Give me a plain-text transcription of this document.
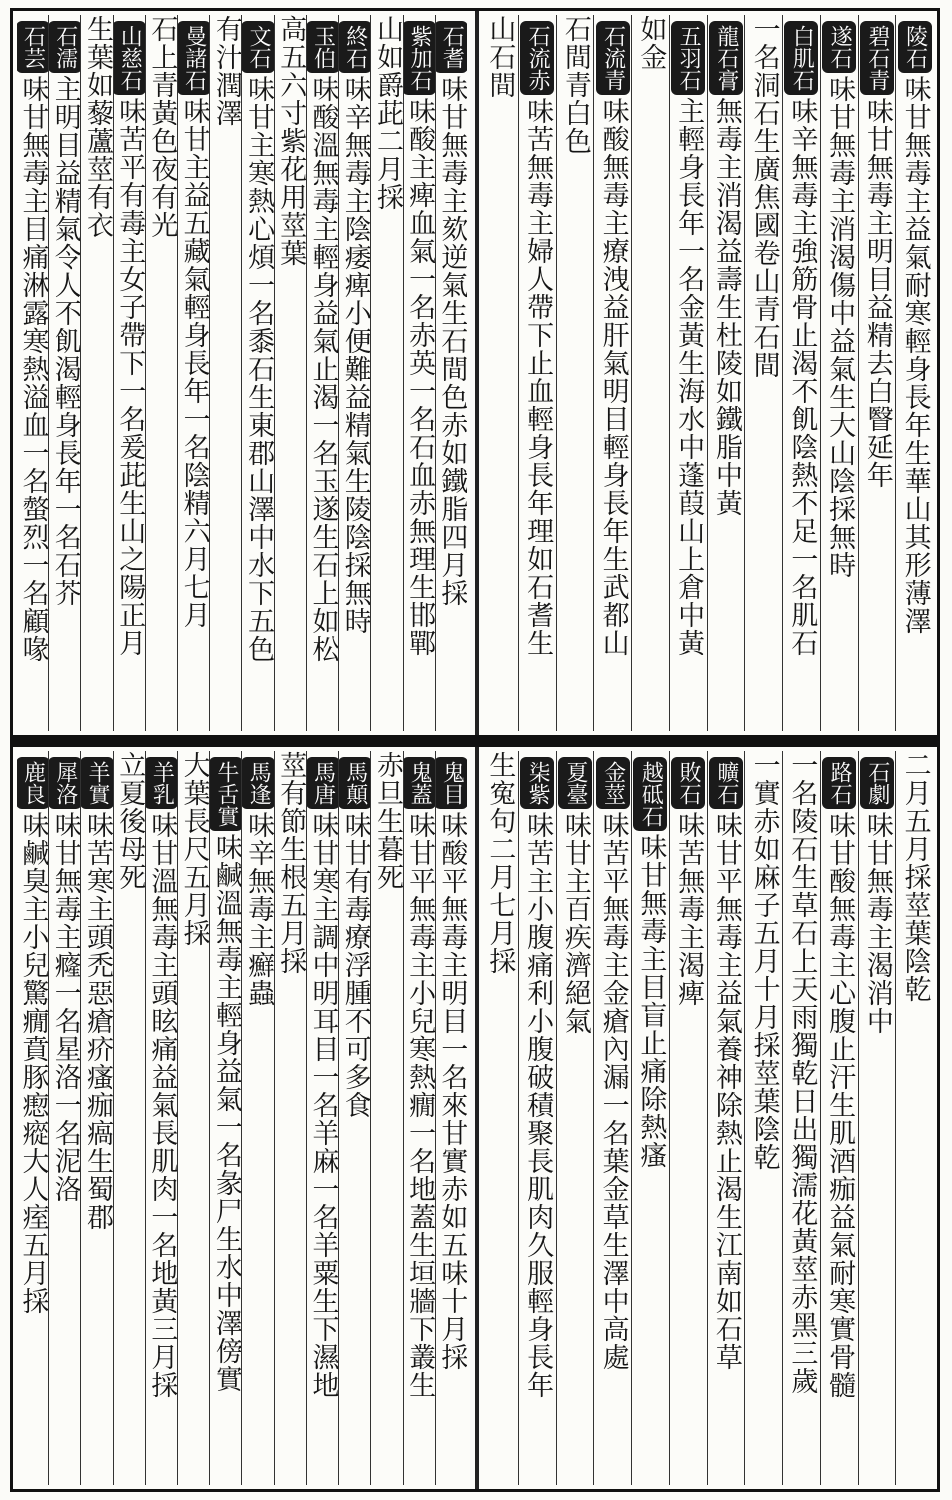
陵石
味甘無毒主益氣耐寒輕身長年生華山其形薄澤
碧石青
味甘無毒主明目益精去白瞖延年
遂石
味甘無毒主消渴傷中益氣生大山陰採無時
白肌石
味辛無毒主強筋骨止渴不飢陰熱不足一名肌石
一名洞石生廣焦國卷山青石間
龍石膏
無毒主消渴益壽生杜陵如鐵脂中黃
五羽石
主輕身長年一名金黃生海水中蓬葭山上倉中黃
如金
石流青
味酸無毒主療洩益肝氣明目輕身長年生武都山
石間青白色
石流赤
味苦無毒主婦人帶下止血輕身長年理如石耆生
山石間
石耆
味甘無毒主欬逆氣生石間色赤如鐵脂四月採
紫加石
味酸主痺血氣一名赤英一名石血赤無理生邯鄲
山如爵茈二月採
終石
味辛無毒主陰痿痺小便難益精氣生陵陰採無時
玉伯
味酸溫無毒主輕身益氣止渴一名玉遂生石上如松
高五六寸紫花用莖葉
文石
味甘主寒熱心煩一名黍石生東郡山澤中水下五色
有汁潤澤
曼諸石
味甘主益五藏氣輕身長年一名陰精六月七月
石上青黃色夜有光
山慈石
味苦平有毒主女子帶下一名爰茈生山之陽正月
生葉如藜蘆莖有衣
石濡
主明目益精氣令人不飢渴輕身長年一名石芥
石芸
味甘無毒主目痛淋露寒熱溢血一名螫烈一名顧喙
二月五月採莖葉陰乾
石劇
味甘無毒主渴消中
路石
味甘酸無毒主心腹止汗生肌酒痂益氣耐寒實骨髓
一名陵石生草石上天雨獨乾日出獨濡花黃莖赤黑三歲
一實赤如麻子五月十月採莖葉陰乾
曠石
味甘平無毒主益氣養神除熱止渴生江南如石草
敗石
味苦無毒主渴痺
越砥石
味甘無毒主目盲止痛除熱瘙
金莖
味苦平無毒主金瘡內漏一名葉金草生澤中高處
夏臺
味甘主百疾濟絕氣
柒紫
味苦主小腹痛利小腹破積聚長肌肉久服輕身長年
生寃句二月七月採
鬼目
味酸平無毒主明目一名來甘實赤如五味十月採
鬼蓋
味甘平無毒主小兒寒熱癇一名地蓋生垣牆下叢生
赤旦生暮死
馬顛
味甘有毒療浮腫不可多食
馬唐
味甘寒主調中明耳目一名羊麻一名羊粟生下濕地
莖有節生根五月採
馬逢
味辛無毒主癬蟲
牛舌實
味鹹溫無毒主輕身益氣一名彖尸生水中澤傍實
大葉長尺五月採
羊乳
味甘溫無毒主頭眩痛益氣長肌肉一名地黃三月採
立夏後母死
羊實
味苦寒主頭禿惡瘡疥瘙痂瘑生蜀郡
犀洛
味甘無毒主癃一名星洛一名泥洛
鹿良
味鹹臭主小兒驚癇賁豚瘛瘲大人痓五月採
